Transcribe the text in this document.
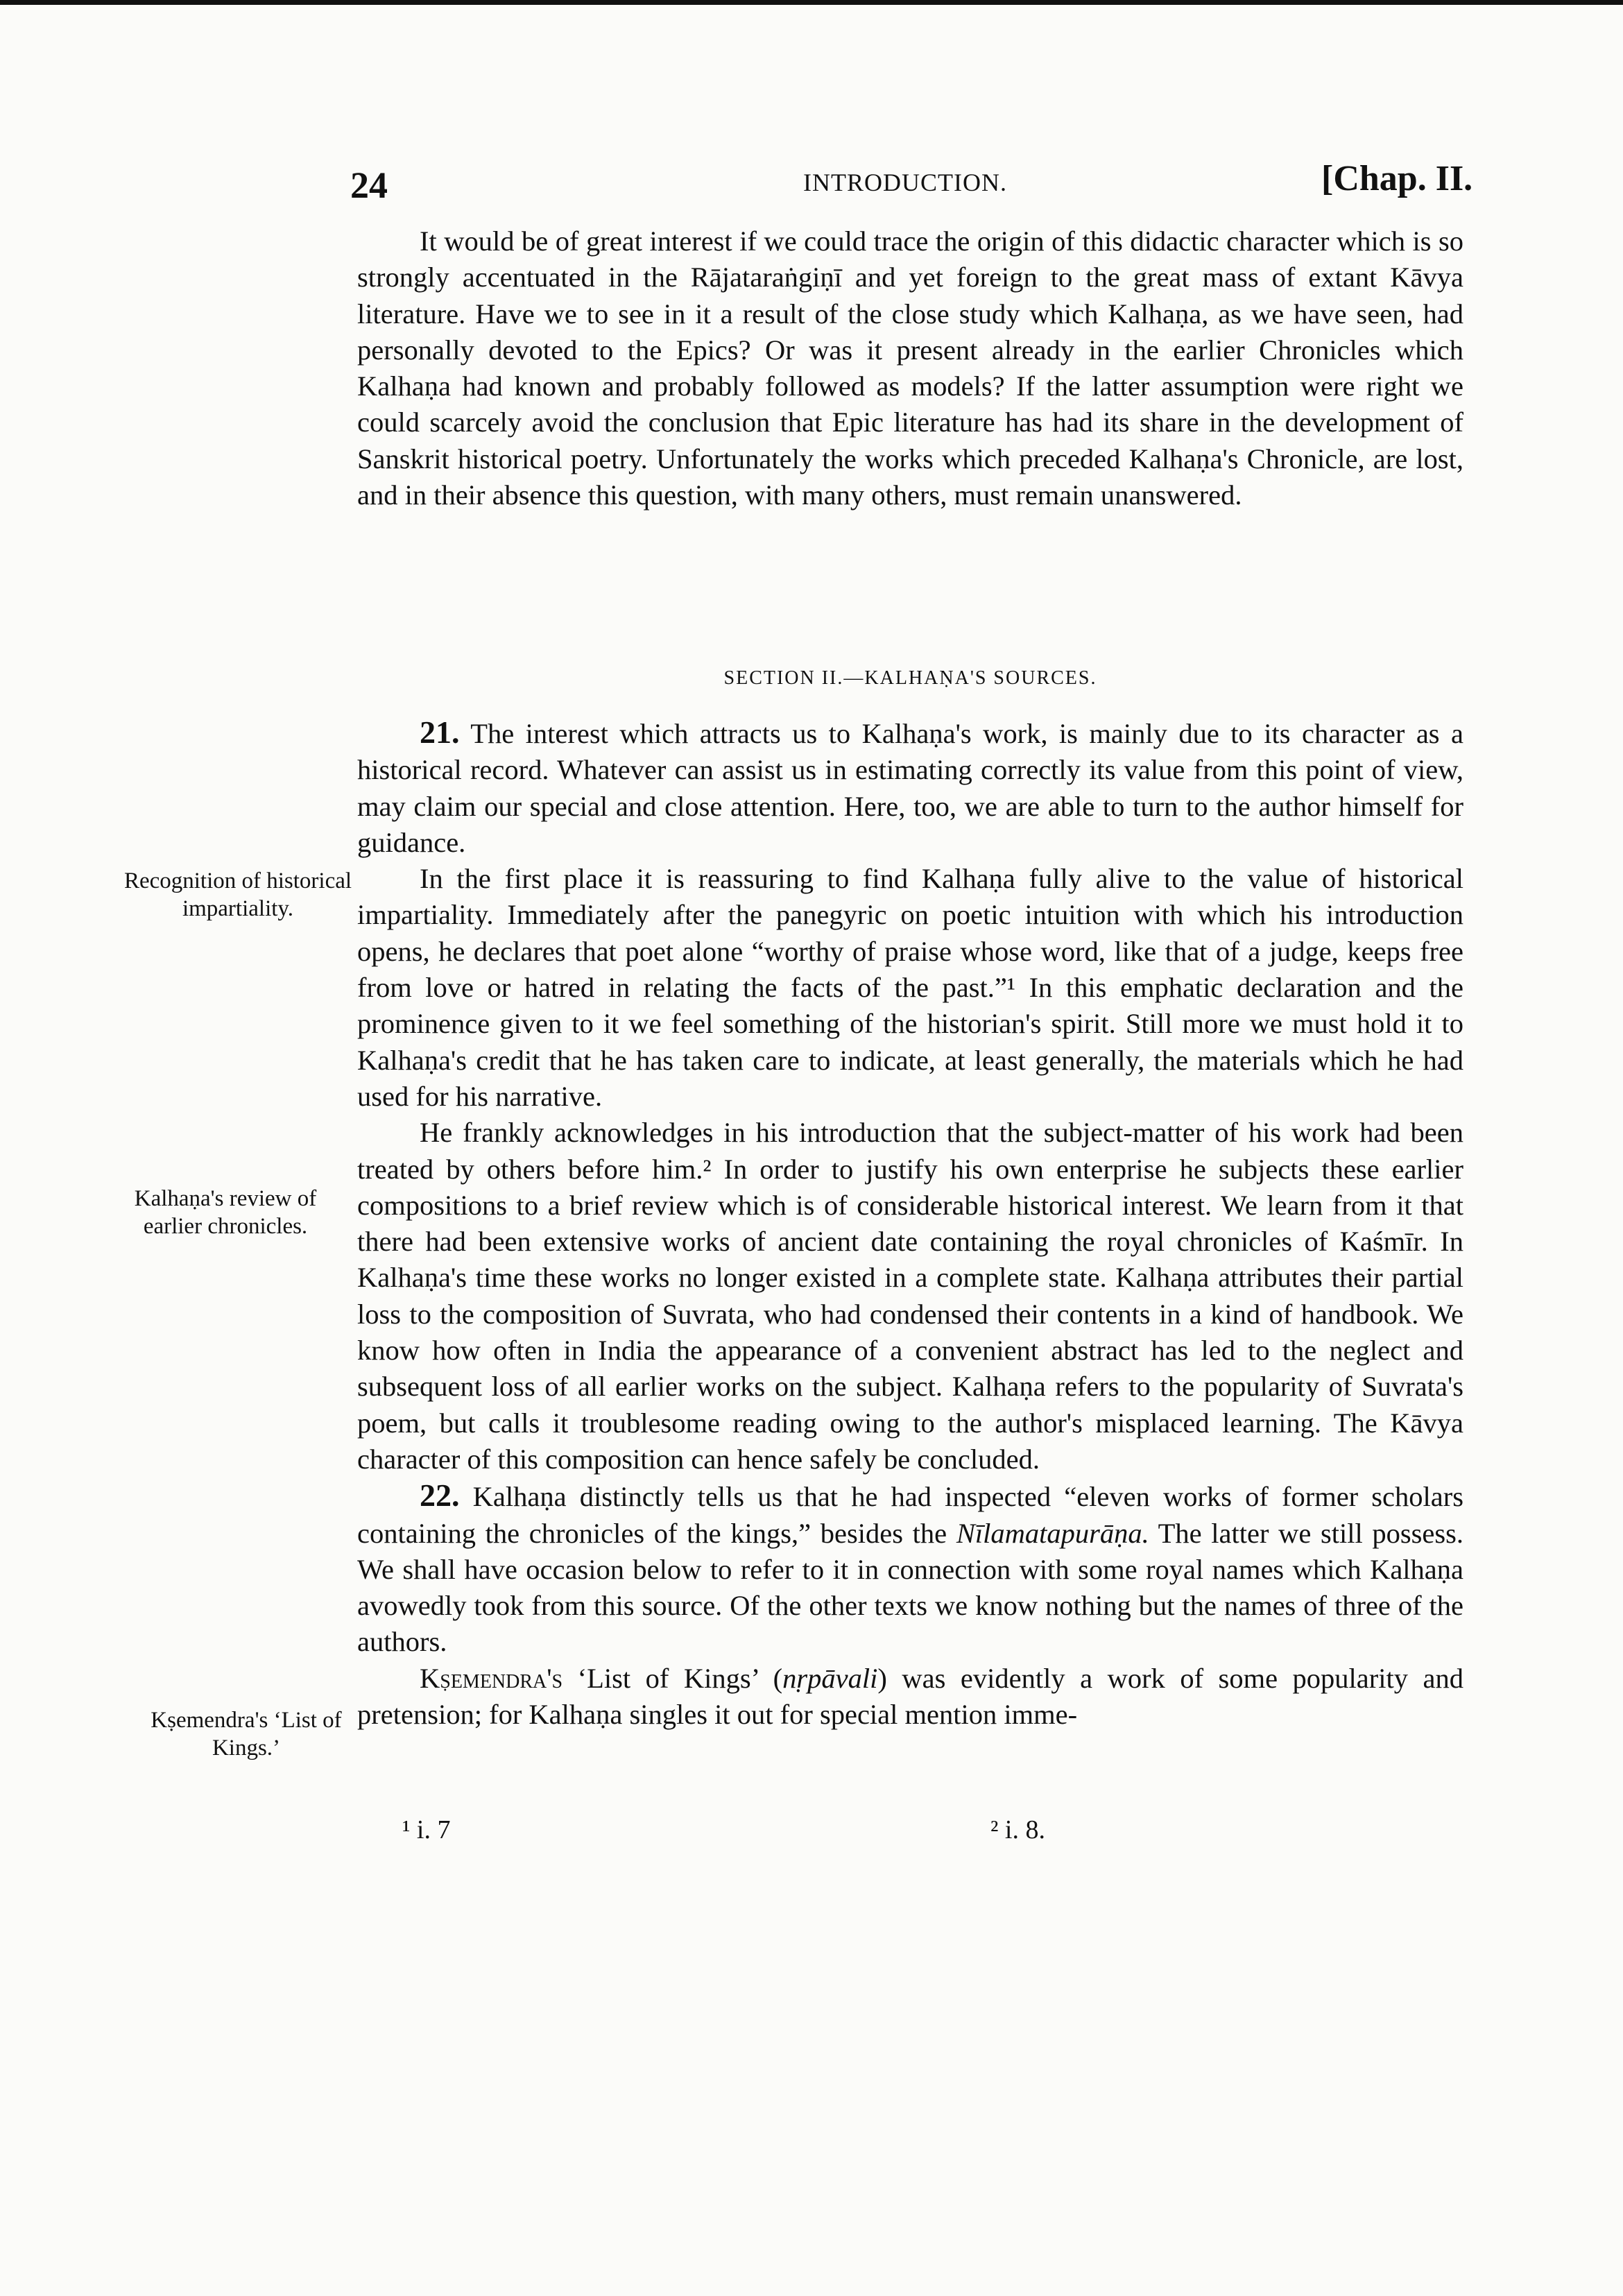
24	INTRODUCTION.	[Chap. II.

It would be of great interest if we could trace the origin of this didactic character which is so strongly accentuated in the Rājataraṅgiṇī and yet foreign to the great mass of extant Kāvya literature. Have we to see in it a result of the close study which Kalhaṇa, as we have seen, had personally devoted to the Epics? Or was it present already in the earlier Chronicles which Kalhaṇa had known and probably followed as models? If the latter assumption were right we could scarcely avoid the conclusion that Epic literature has had its share in the development of Sanskrit historical poetry. Unfortunately the works which preceded Kalhaṇa's Chronicle, are lost, and in their absence this question, with many others, must remain unanswered.

SECTION II.—KALHAṆA'S SOURCES.

21. The interest which attracts us to Kalhaṇa's work, is mainly due to its character as a historical record. Whatever can assist us in estimating correctly its value from this point of view, may claim our special and close attention. Here, too, we are able to turn to the author himself for guidance.

In the first place it is reassuring to find Kalhaṇa fully alive to the value of historical impartiality. Immediately after the panegyric on poetic intuition with which his introduction opens, he declares that poet alone “worthy of praise whose word, like that of a judge, keeps free from love or hatred in relating the facts of the past.”¹ In this emphatic declaration and the prominence given to it we feel something of the historian's spirit. Still more we must hold it to Kalhaṇa's credit that he has taken care to indicate, at least generally, the materials which he had used for his narrative.

He frankly acknowledges in his introduction that the subject-matter of his work had been treated by others before him.² In order to justify his own enterprise he subjects these earlier compositions to a brief review which is of considerable historical interest. We learn from it that there had been extensive works of ancient date containing the royal chronicles of Kaśmīr. In Kalhaṇa's time these works no longer existed in a complete state. Kalhaṇa attributes their partial loss to the composition of Suvrata, who had condensed their contents in a kind of handbook. We know how often in India the appearance of a convenient abstract has led to the neglect and subsequent loss of all earlier works on the subject. Kalhaṇa refers to the popularity of Suvrata's poem, but calls it troublesome reading owing to the author's misplaced learning. The Kāvya character of this composition can hence safely be concluded.

22. Kalhaṇa distinctly tells us that he had inspected “eleven works of former scholars containing the chronicles of the kings,” besides the Nīlamatapurāṇa. The latter we still possess. We shall have occasion below to refer to it in connection with some royal names which Kalhaṇa avowedly took from this source. Of the other texts we know nothing but the names of three of the authors.

Kṣemendra's ‘List of Kings’ (nṛpāvali) was evidently a work of some popularity and pretension; for Kalhaṇa singles it out for special mention imme-

Recognition of historical impartiality.
Kalhaṇa's review of earlier chronicles.
Kṣemendra's ‘List of Kings.’
¹ i. 7	² i. 8.
